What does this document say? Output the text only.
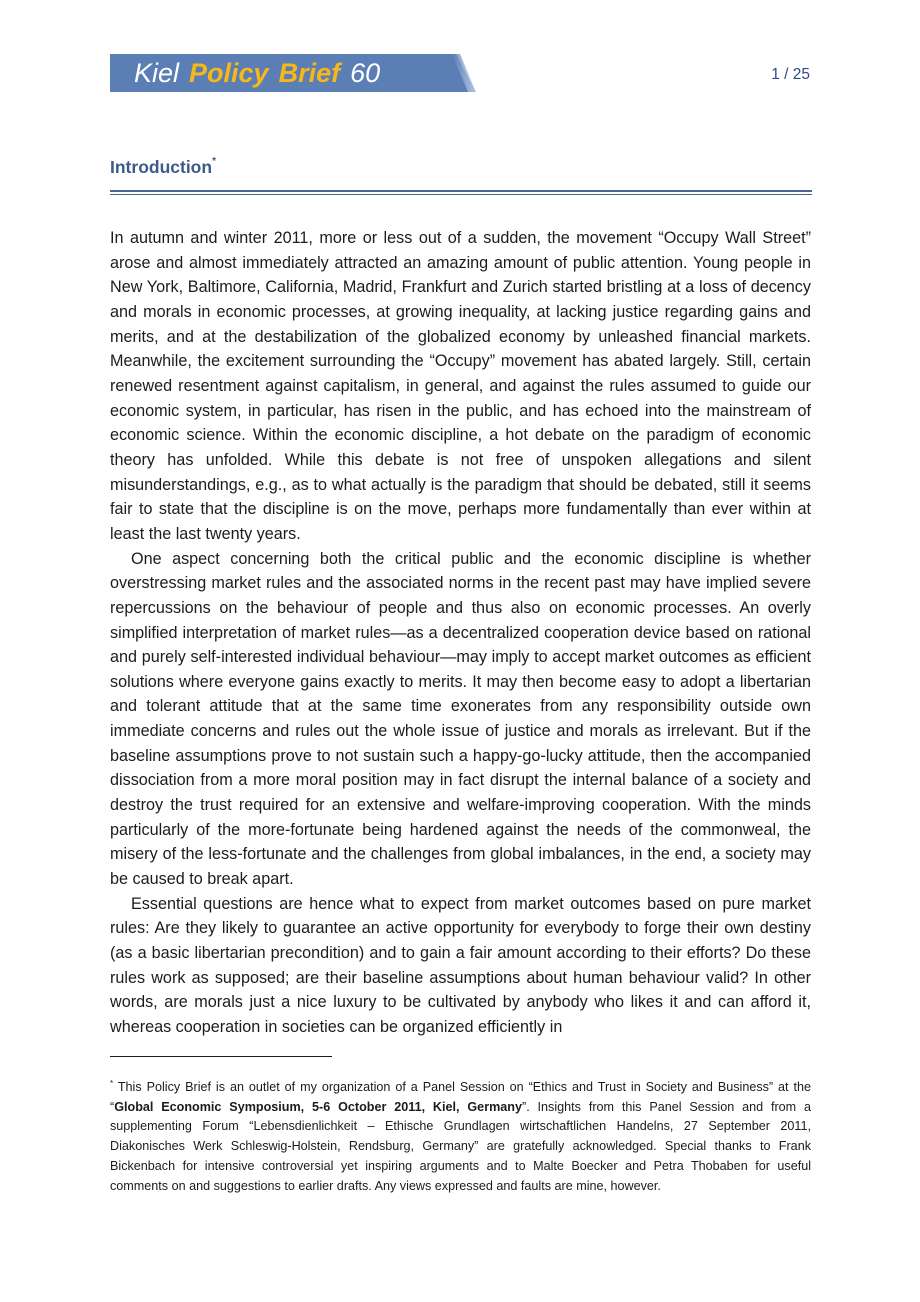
Kiel Policy Brief 60	1 / 25
Introduction*

In autumn and winter 2011, more or less out of a sudden, the movement “Occupy Wall Street” arose and almost immediately attracted an amazing amount of public attention. Young people in New York, Baltimore, California, Madrid, Frankfurt and Zurich started bristling at a loss of decency and morals in economic processes, at growing inequality, at lacking justice regarding gains and merits, and at the destabilization of the globalized economy by unleashed financial markets. Meanwhile, the excitement surrounding the “Occupy” movement has abated largely. Still, certain renewed resentment against capitalism, in general, and against the rules assumed to guide our economic system, in particular, has risen in the public, and has echoed into the mainstream of economic science. Within the economic discipline, a hot debate on the paradigm of economic theory has unfolded. While this debate is not free of unspoken allegations and silent misunderstandings, e.g., as to what actually is the paradigm that should be debated, still it seems fair to state that the discipline is on the move, perhaps more fundamentally than ever within at least the last twenty years.

One aspect concerning both the critical public and the economic discipline is whether overstressing market rules and the associated norms in the recent past may have implied severe repercussions on the behaviour of people and thus also on economic processes. An overly simplified interpretation of market rules—as a decentralized cooperation device based on rational and purely self-interested individual behaviour—may imply to accept market outcomes as efficient solutions where everyone gains exactly to merits. It may then become easy to adopt a libertarian and tolerant attitude that at the same time exonerates from any responsibility outside own immediate concerns and rules out the whole issue of justice and morals as irrelevant. But if the baseline assumptions prove to not sustain such a happy-go-lucky attitude, then the accompanied dissociation from a more moral position may in fact disrupt the internal balance of a society and destroy the trust required for an extensive and welfare-improving cooperation. With the minds particularly of the more-fortunate being hardened against the needs of the commonweal, the misery of the less-fortunate and the challenges from global imbalances, in the end, a society may be caused to break apart.

Essential questions are hence what to expect from market outcomes based on pure market rules: Are they likely to guarantee an active opportunity for everybody to forge their own destiny (as a basic libertarian precondition) and to gain a fair amount according to their efforts? Do these rules work as supposed; are their baseline assumptions about human behaviour valid? In other words, are morals just a nice luxury to be cultivated by anybody who likes it and can afford it, whereas cooperation in societies can be organized efficiently in

* This Policy Brief is an outlet of my organization of a Panel Session on “Ethics and Trust in Society and Business” at the “Global Economic Symposium, 5-6 October 2011, Kiel, Germany”. Insights from this Panel Session and from a supplementing Forum “Lebensdienlichkeit – Ethische Grundlagen wirtschaftlichen Handelns, 27 September 2011, Diakonisches Werk Schleswig-Holstein, Rendsburg, Germany” are gratefully acknowledged. Special thanks to Frank Bickenbach for intensive controversial yet inspiring arguments and to Malte Boecker and Petra Thobaben for useful comments on and suggestions to earlier drafts. Any views expressed and faults are mine, however.
